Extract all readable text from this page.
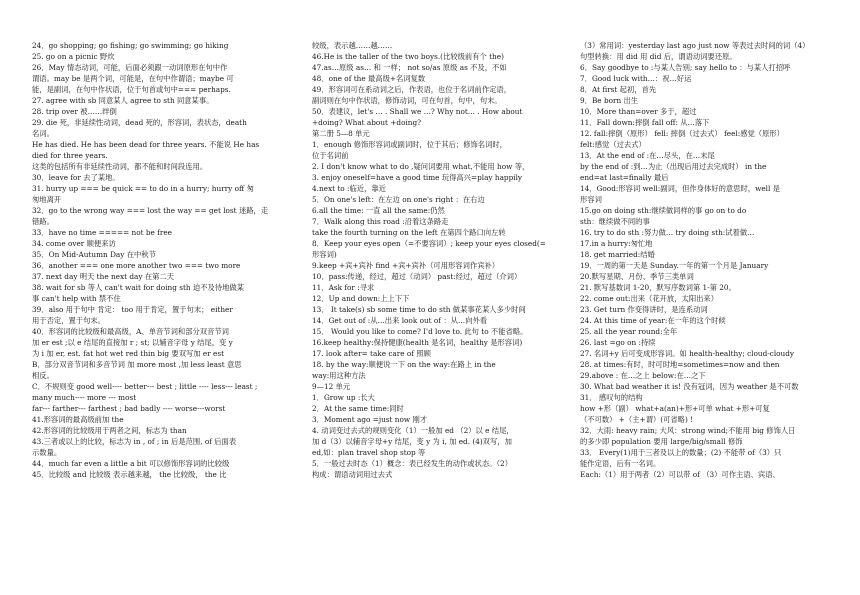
24．go shopping; go fishing; go swimming; go hiking
25. go on a picnic 野炊
26．May 情态动词，可能，后面必须跟一动词原形在句中作
谓语。may be 是两个词，可能是，在句中作谓语；maybe 可
能，是副词，在句中作状语，位于句首或句中=== perhaps.
27. agree with sb 同意某人 agree to sth 同意某事。
28. trip over 被……绊倒
29. die 死，非延续性动词，dead 死的，形容词，表状态，death
名词。
He has died. He has been dead for three years. 不能说 He has
died for three years.
这类的包括所有非延续性动词，都不能和时间段连用。
30．leave for 去了某地。
31. hurry up === be quick == to do in a hurry; hurry off 匆
匆地离开
32．go to the wrong way === lost the way == get lost 迷路，走
错路。
33．have no time ===== not be free
34. come over 顺便来访
35．On Mid-Autumn Day 在中秋节
36．another === one more another two === two more
37. next day 明天 the next day 在第二天
38. wait for sb 等人 can't wait for doing sth 迫不及待地做某
事 can't help with 禁不住
39．also 用于句中 肯定： too 用于肯定，置于句末； either
用于否定，置于句末。
40．形容词的比较级和最高级，A、单音节词和部分双音节词
加 er est ;以 e 结尾的直接加 r ; st; 以辅音字母 y 结尾，变 y
为 i 加 er, est. fat hot wet red thin big 要双写加 er est
B．部分双音节词和多音节词 加 more most ,加 less least 意思
相反。
C．不规则变 good well---- better--- best ; little ---- less--- least ;
many much---- more --- most
far--- farther--- farthest ; bad badly ---- worse---worst
41.形容词的最高级前加 the
42.形容词的比较级用于两者之间，标志为 than
43.三者或以上的比较，标志为 in , of ; in 后是范围, of 后面表
示数量。
44．much far even a little a bit 可以修饰形容词的比较级
45．比较级 and 比较级 表示越来越， the 比较级， the 比
较级，表示越……越……
46.He is the taller of the two boys.(比较级前有个 the)
47.as…原级 as… 和 一样； not so/as 原级 as 不及，不如
48．one of the 最高级+名词复数
49．形容词可在系动词之后，作表语，也位于名词前作定语，
副词则在句中作状语，修饰动词，可在句首，句中，句末。
50．表建议，let's … . Shall we …? Why not… . How about
+doing? What about +doing?
第二册 5—8 单元
1．enough 修饰形容词或副词时，位于其后；修饰名词时，
位于名词前
2. I don't know what to do ,疑问词要用 what,不能用 how 等，
3. enjoy oneself=have a good time 玩得高兴=play happily
4.next to :临近，靠近
5．On one's left：在左边 on one's right ：在右边
6.all the time: 一直 all the same:仍然
7．Walk along this road :沿着这条路走
take the fourth turning on the left 在第四个路口向左转
8．Keep your eyes open（=不要容词）; keep your eyes closed(=
形容词)
9.keep +宾+宾补 find +宾+宾补（可用形容词作宾补）
10．pass:传递，经过，超过（动词） past:经过，超过（介词）
11．Ask for :寻求
12．Up and down:上上下下
13． It take(s) sb some time to do sth 做某事花某人多少时间
14．Get out of :从…出来 look out of ：从…向外看
15． Would you like to come? I'd love to. 此句 to 不能省略。
16.keep healthy:保持健康(health 是名词，healthy 是形容词)
17. look after= take care of 照顾
18. by the way:顺便说一下 on the way:在路上 in the
way:用这种方法
9—12 单元
1．Grow up :长大
2．At the same time:同时
3．Moment ago =just now 刚才
4. 动词变过去式的规则变化（1）一般加 ed （2）以 e 结尾，
加 d（3）以辅音字母+y 结尾，变 y 为 i, 加 ed. (4)双写，加
ed,如：plan travel shop stop 等
5．一般过去时态（1）概念：表已经发生的动作或状态。（2）
构成：谓语动词用过去式
（3）常用词：yesterday last ago just now 等表过去时间的词（4）
句型转换：用 did 用 did 后，谓语动词要还原。
6．Say goodbye to :与某人告别; say hello to ：与某人打招呼
7．Good luck with…：祝…好运
8．At first 起初，首先
9．Be born 出生
10．More than=over 多于，超过
11．Fall down:摔倒 fall off: 从…落下
12. fall:摔倒（原形） fell: 摔倒（过去式） feel:感觉（原形）
felt:感觉（过去式）
13．At the end of :在…尽头，在…末尾
by the end of :到…为止（出现后用过去完成时） in the
end=at last=finally 最后
14．Good:形容词 well:副词，但作身体好的意思时，well 是
形容词
15.go on doing sth:继续做同样的事 go on to do
sth：继续做不同的事
16. try to do sth :努力做… try doing sth:试着做…
17.in a hurry:匆忙地
18. get married:结婚
19．一周的第一天是 Sunday.一年的第一个月是 January
20.默写星期、月份、季节三类单词
21. 默写基数词 1-20，默写序数词第 1-第 20。
22. come out:出来（花开放，太阳出来）
23. Get turn 作变得讲时，是连系动词
24. At this time of year:在一年的这个时候
25. all the year round:全年
26. last =go on :持续
27. 名词+y 后可变成形容词。如 health-healthy; cloud-cloudy
28. at times:有时，时可时地=sometimes=now and then
29.above : 在…之上 below:在…之下
30. What bad weather it is! 没有冠词，因为 weather 是不可数
31． 感叹句的结构
how +形（副） what+a(an)+形+可单 what +形+可复
（不可数） +（主+谓）(可省略) !
32．大雨: heavy rain; 大风：strong wind;不能用 big 修饰人日
的多少即 population 要用 large/big/small 修饰
33． Every(1)用于三者及以上的数量；(2) 不能带 of（3）只
能作定语，后有一名词。
Each:（1）用于两者（2）可以带 of （3）可作主语、宾语、
